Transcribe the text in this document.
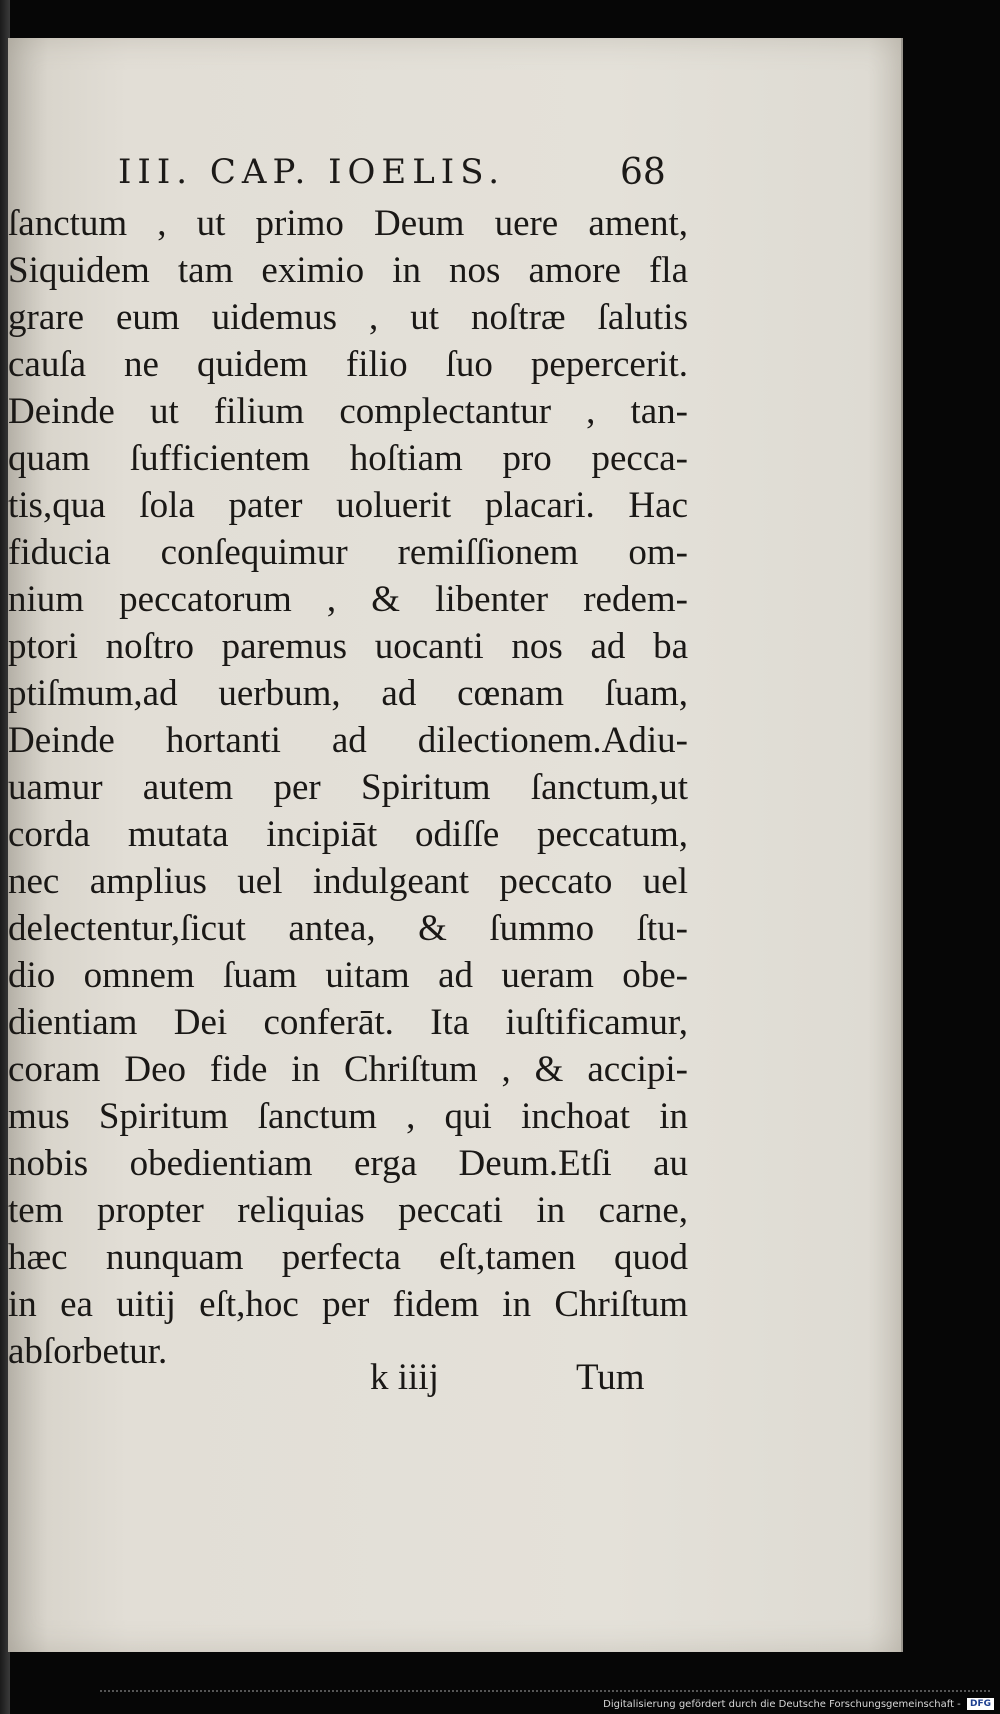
III. CAP. IOELIS.	68
ſanctum , ut primo Deum uere ament,
Siquidem tam eximio in nos amore fla
grare eum uidemus , ut noſtræ ſalutis
cauſa ne quidem filio ſuo pepercerit.
Deinde ut filium complectantur , tan-
quam ſufficientem hoſtiam pro pecca-
tis,qua ſola pater uoluerit placari. Hac
fiducia conſequimur remiſſionem om-
nium peccatorum , & libenter redem-
ptori noſtro paremus uocanti nos ad ba
ptiſmum,ad uerbum, ad cœnam ſuam,
Deinde hortanti ad dilectionem.Adiu-
uamur autem per Spiritum ſanctum,ut
corda mutata incipiāt odiſſe peccatum,
nec amplius uel indulgeant peccato uel
delectentur,ſicut antea, & ſummo ſtu-
dio omnem ſuam uitam ad ueram obe-
dientiam Dei conferāt. Ita iuſtificamur,
coram Deo fide in Chriſtum , & accipi-
mus Spiritum ſanctum , qui inchoat in
nobis obedientiam erga Deum.Etſi au
tem propter reliquias peccati in carne,
hæc nunquam perfecta eſt,tamen quod
in ea uitij eſt,hoc per fidem in Chriſtum
abſorbetur.
k iiij	Tum
Digitalisierung gefördert durch die Deutsche Forschungsgemeinschaft - DFG
